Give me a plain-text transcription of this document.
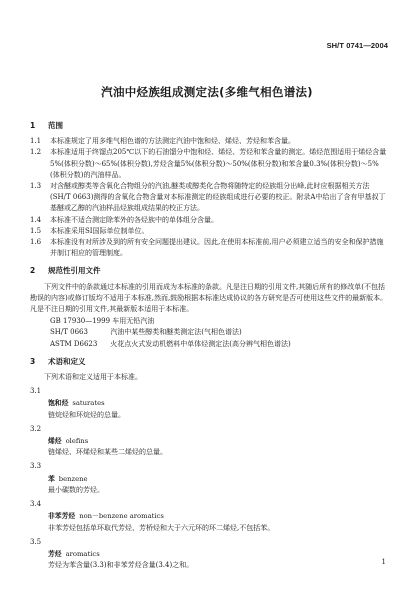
SH/T 0741—2004
汽油中烃族组成测定法(多维气相色谱法)
1 范围

1.1 本标准规定了用多维气相色谱的方法测定汽油中饱和烃、烯烃、芳烃和苯含量。

1.2 本标准适用于终馏点205℃以下的石油馏分中饱和烃、烯烃、芳烃和苯含量的测定。烯烃范围适用于烯烃含量5%(体积分数)～65%(体积分数),芳烃含量5%(体积分数)～50%(体积分数)和苯含量0.3%(体积分数)～5%(体积分数)的汽油样品。

1.3 对含醚或醇类等含氧化合物组分的汽油,醚类或醇类化合物将随特定的烃族组分出峰,此时应根据相关方法(SH/T 0663)测得的含氧化合物含量对本标准测定的烃族组成进行必要的校正。附录A中给出了含有甲基叔丁基醚或乙醇的汽油样品烃族组成结果的校正方法。

1.4 本标准不适合测定除苯外的各烃族中的单体组分含量。

1.5 本标准采用SI国际单位制单位。

1.6 本标准没有对所涉及到的所有安全问题提出建议。因此,在使用本标准前,用户必须建立适当的安全和保护措施并制订相应的管理制度。

2 规范性引用文件

下列文件中的条款通过本标准的引用而成为本标准的条款。凡是注日期的引用文件,其随后所有的修改单(不包括勘误的内容)或修订版均不适用于本标准,然而,鼓励根据本标准达成协议的各方研究是否可使用这些文件的最新版本。凡是不注日期的引用文件,其最新版本适用于本标准。

GB 17930—1999 车用无铅汽油
SH/T 0663	汽油中某些醇类和醚类测定法(气相色谱法)
ASTM D6623 火花点火式发动机燃料中单体烃测定法(高分辨气相色谱法)
3 术语和定义

下列术语和定义适用于本标准。

3.1
饱和烃 saturates
链烷烃和环烷烃的总量。
3.2
烯烃 olefins
链烯烃、环烯烃和某些二烯烃的总量。
3.3
苯 benzene
最小碳数的芳烃。
3.4
非苯芳烃 non－benzene aromatics
非苯芳烃包括单环取代芳烃、芳桥烃和大于六元环的环二烯烃,不包括苯。
3.5
芳烃 aromatics
芳烃为苯含量(3.3)和非苯芳烃含量(3.4)之和。	1
